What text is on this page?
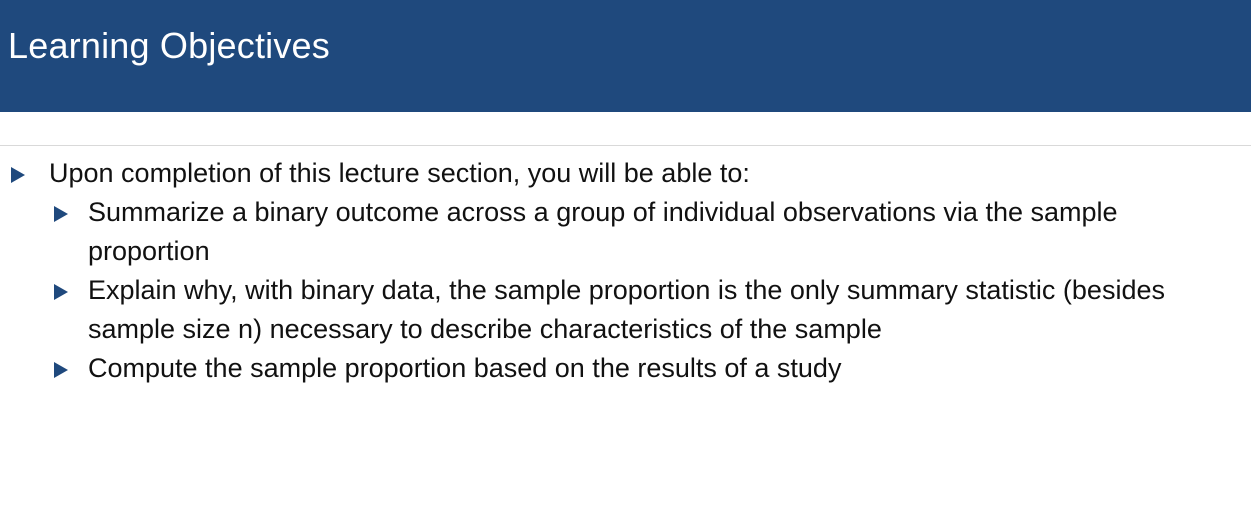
Learning Objectives
Upon completion of this lecture section, you will be able to:
Summarize a binary outcome across a group of individual observations via the sample proportion
Explain why, with binary data, the sample proportion is the only summary statistic (besides sample size n) necessary to describe characteristics of the sample
Compute the sample proportion based on the results of a study
